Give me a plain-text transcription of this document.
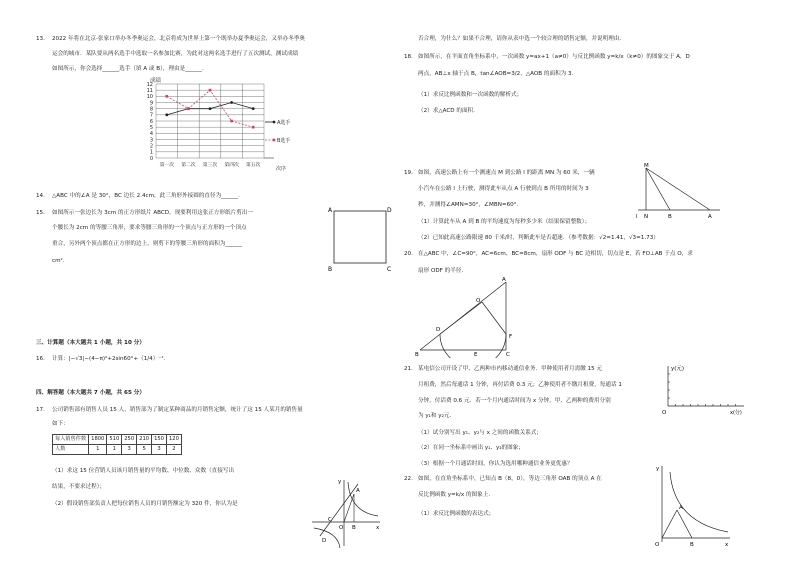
13. 2022 年将在北京-张家口举办冬季奥运会，北京将成为世界上第一个既举办夏季奥运会，又举办冬季奥
运会的城市．某队要从两名选手中选取一名参加比赛，为此对这两名选手进行了五次测试，测试成绩
如图所示，你会选择______选手（填 A 或 B），理由是______.
0
1
2
3
4
5
6
7
8
9
10
11
12
第一次 第二次 第三次 第四次 第五次
成绩
次序
A选手
B选手
14. △ABC 中的∠A 是 30°，BC 边长 2.4cm，此三角形外接圆的直径为______.
15. 如图所示一张边长为 3cm 的正方形纸片 ABCD，现要利用这张正方形纸片剪出一
个腰长为 2cm 的等腰三角形，要求等腰三角形的一个顶点与正方形的一个顶点
重合，另外两个顶点都在正方形的边上，则剪下的等腰三角形的面积为______
cm².
A	D
B	C
三、计算题（本大题共 1 小题，共 10 分）
16. 计算：|−√3|−(4−π)⁰+2sin60°+（1/4）⁻¹.
四、解答题（本大题共 7 小题，共 65 分）
17. 公司销售部有销售人员 15 人，销售部为了制定某种商品的月销售定额，统计了这 15 人某月的销售量
如下：
每人销售件数	1800	510	250	210	150	120
人数	1	1	3	5	3	2
（1）求这 15 位营销人员该月销售量的平均数、中位数、众数（直接写出
结果，不要求过程）；
（2）假设销售部负责人把每位销售人员的月销售额定为 320 件，你认为是
y
x
A
B
O
C
D
否合理，为什么？如果不合理，请你从表中选一个较合理的销售定额，并说明理由．
18. 如图所示，在平面直角坐标系中，一次函数 y=ax+1（a≠0）与反比例函数 y=k/x（k≠0）的图象交于 A，D
两点，AB⊥x 轴于点 B，tan∠AOB=3/2，△AOB 的面积为 3.
（1）求反比例函数和一次函数的解析式；
（2）求△ACD 的面积.
19. 如图，高速公路上有一个测速点 M 到公路 l 的距离 MN 为 60 米，一辆
小汽车在公路 l 上行驶，测得此车从点 A 行驶到点 B 所用的时间为 3
秒，并测得∠AMN=30°，∠MBN=60°.
（1）计算此车从 A 到 B 的平均速度为每秒多少米（结果保留整数）；
（2）已知此高速公路限速 80 千米/时，判断此车是否超速．（参考数据：√2=1.41，√3=1.73）
M
l N	B	A
20. 在△ABC 中，∠C=90°，AC=6cm，BC=8cm，扇形 ODF 与 BC 边相切，切点是 E，若 FO⊥AB 于点 O，求
扇形 ODF 的半径.
A
B	C
D
E
F
O
21. 某电信公司开设了甲、乙两种市内移动通信业务．甲种使用者月需缴 15 元
月租费，然后每通话 1 分钟，再付话费 0.3 元；乙种使用者不缴月租费，每通话 1
分钟，付话费 0.6 元．若一个月内通话时间为 x 分钟，甲、乙两种的费用分别
为 y₁和 y₂元.
（1）试分别写出 y₁、y₂与 x 之间的函数关系式；
（2）在同一坐标系中画出 y₁、y₂的图象；
（3）根据一个月通话时间，你认为选用哪种通信业务更优惠？
y(元)
x(分)
O
22. 如图，在直角坐标系中，已知点 B（8，0），等边三角形 OAB 的顶点 A 在
反比例函数 y=k/x 的图象上.
（1）求反比例函数的表达式；
y
x
A
B
O
